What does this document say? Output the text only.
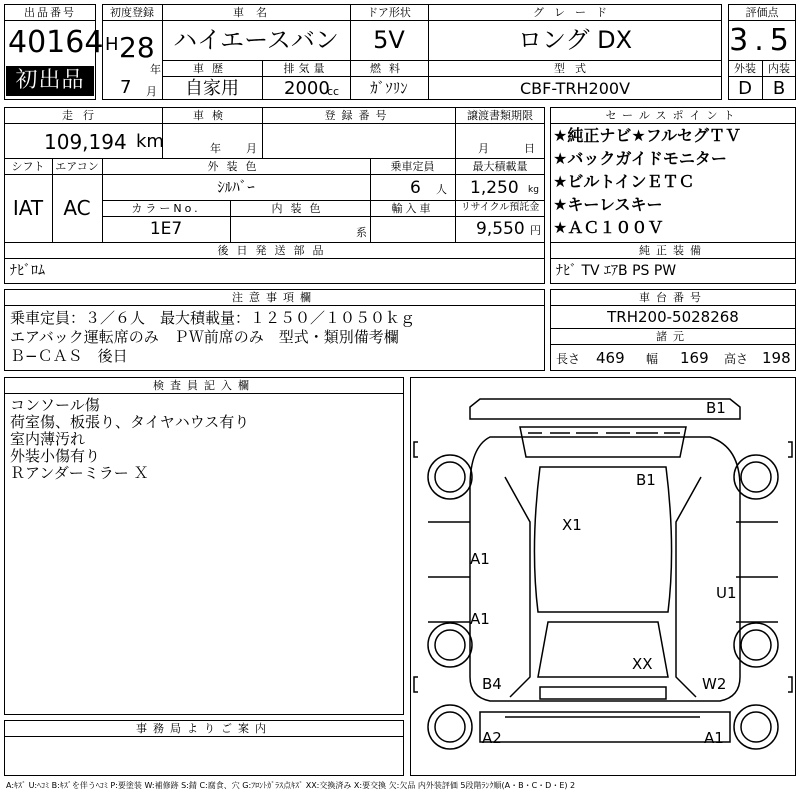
出品番号
40164
初出品
初度登録
H 28
年
7 月
車名
ハイエースバン
ドア形状
5V
グレード
ロング DX
車歴
自家用
排気量
2000
cc
燃料
ｶﾞｿﾘﾝ
型式
CBF-TRH200V
評価点
3.5
外装	内装
D	B
走行
109,194 km
車検
年 月
登録番号	譲渡書類期限
月	日
シフト
IAT
エアコン
AC
外装色
ｼﾙﾊﾞｰ
乗車定員
6 人
最大積載量
1,250 kg
カラーNo.
1E7
内装色
系
輸入車	リサイクル預託金
9,550 円
後日発送部品
ﾅﾋﾞﾛﾑ
セールスポイント
★純正ナビ★フルセグＴＶ
★バックガイドモニター
★ビルトインＥＴＣ
★キーレスキー
★ＡＣ１００Ｖ
純正装備
ﾅﾋﾞ TV ｴｱB PS PW
注意事項欄
乗車定員：３／６人　最大積載量：１２５０／１０５０ｋｇ
エアバック運転席のみ　ＰＷ前席のみ　型式・類別備考欄
Ｂ−ＣＡＳ　後日
車台番号
TRH200-5028268
諸元
長さ 469 幅 169 高さ 198
検査員記入欄
コンソール傷
荷室傷、板張り、タイヤハウス有り
室内薄汚れ
外装小傷有り
Ｒアンダーミラー Ｘ
事務局よりご案内
B1
B1
X1
A1
A1
U1
XX
B4	W2
A2	A1
A:ｷｽﾞ U:ﾍｺﾐ B:ｷｽﾞを伴うﾍｺﾐ P:要塗装 W:補修跡 S:錆 C:腐食、穴 G:ﾌﾛﾝﾄｶﾞﾗｽ点ｷｽﾞ XX:交換済み X:要交換 欠:欠品 内外装評価 5段階ﾗﾝｸ順(A・B・C・D・E) 2
